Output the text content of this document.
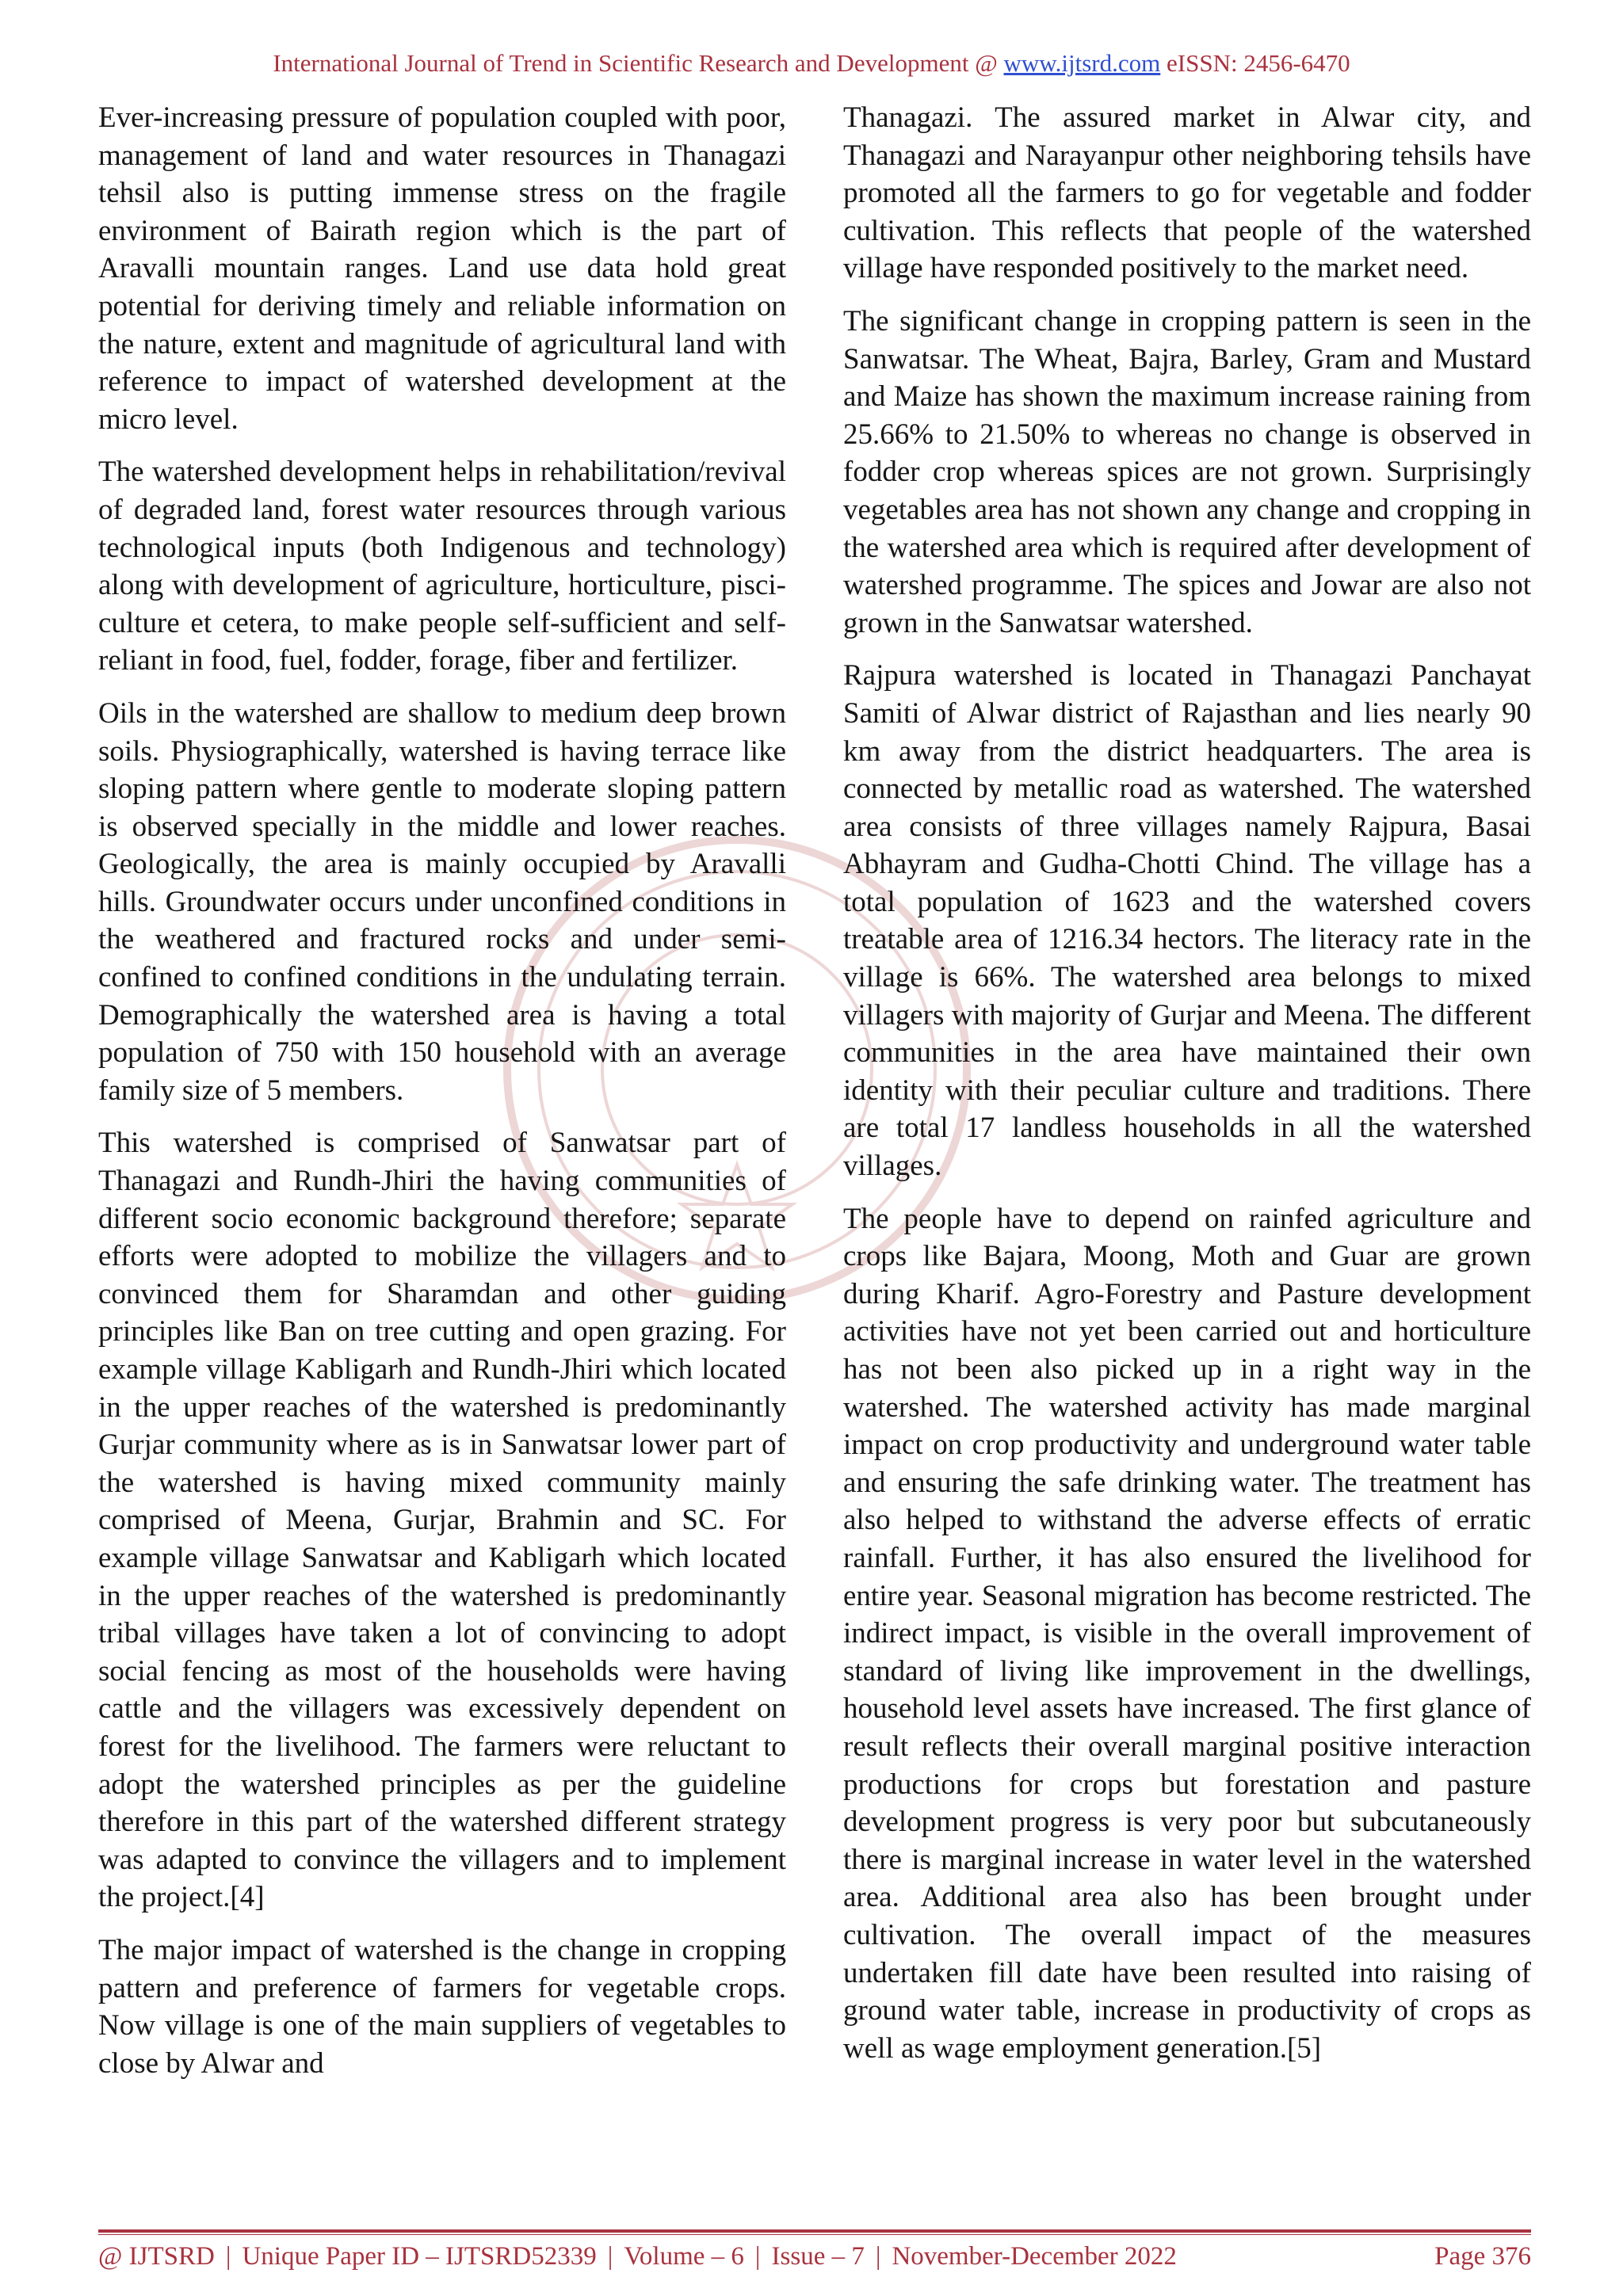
International Journal of Trend in Scientific Research and Development @ www.ijtsrd.com eISSN: 2456-6470

Ever-increasing pressure of population coupled with poor, management of land and water resources in Thanagazi tehsil also is putting immense stress on the fragile environment of Bairath region which is the part of Aravalli mountain ranges. Land use data hold great potential for deriving timely and reliable information on the nature, extent and magnitude of agricultural land with reference to impact of watershed development at the micro level.

The watershed development helps in rehabilitation/revival of degraded land, forest water resources through various technological inputs (both Indigenous and technology) along with development of agriculture, horticulture, pisci-culture et cetera, to make people self-sufficient and self-reliant in food, fuel, fodder, forage, fiber and fertilizer.

Oils in the watershed are shallow to medium deep brown soils. Physiographically, watershed is having terrace like sloping pattern where gentle to moderate sloping pattern is observed specially in the middle and lower reaches. Geologically, the area is mainly occupied by Aravalli hills. Groundwater occurs under unconfined conditions in the weathered and fractured rocks and under semi-confined to confined conditions in the undulating terrain. Demographically the watershed area is having a total population of 750 with 150 household with an average family size of 5 members.

This watershed is comprised of Sanwatsar part of Thanagazi and Rundh-Jhiri the having communities of different socio economic background therefore; separate efforts were adopted to mobilize the villagers and to convinced them for Sharamdan and other guiding principles like Ban on tree cutting and open grazing. For example village Kabligarh and Rundh-Jhiri which located in the upper reaches of the watershed is predominantly Gurjar community where as is in Sanwatsar lower part of the watershed is having mixed community mainly comprised of Meena, Gurjar, Brahmin and SC. For example village Sanwatsar and Kabligarh which located in the upper reaches of the watershed is predominantly tribal villages have taken a lot of convincing to adopt social fencing as most of the households were having cattle and the villagers was excessively dependent on forest for the livelihood. The farmers were reluctant to adopt the watershed principles as per the guideline therefore in this part of the watershed different strategy was adapted to convince the villagers and to implement the project.[4]

The major impact of watershed is the change in cropping pattern and preference of farmers for vegetable crops. Now village is one of the main suppliers of vegetables to close by Alwar and

Thanagazi. The assured market in Alwar city, and Thanagazi and Narayanpur other neighboring tehsils have promoted all the farmers to go for vegetable and fodder cultivation. This reflects that people of the watershed village have responded positively to the market need.

The significant change in cropping pattern is seen in the Sanwatsar. The Wheat, Bajra, Barley, Gram and Mustard and Maize has shown the maximum increase raining from 25.66% to 21.50% to whereas no change is observed in fodder crop whereas spices are not grown. Surprisingly vegetables area has not shown any change and cropping in the watershed area which is required after development of watershed programme. The spices and Jowar are also not grown in the Sanwatsar watershed.

Rajpura watershed is located in Thanagazi Panchayat Samiti of Alwar district of Rajasthan and lies nearly 90 km away from the district headquarters. The area is connected by metallic road as watershed. The watershed area consists of three villages namely Rajpura, Basai Abhayram and Gudha-Chotti Chind. The village has a total population of 1623 and the watershed covers treatable area of 1216.34 hectors. The literacy rate in the village is 66%. The watershed area belongs to mixed villagers with majority of Gurjar and Meena. The different communities in the area have maintained their own identity with their peculiar culture and traditions. There are total 17 landless households in all the watershed villages.

The people have to depend on rainfed agriculture and crops like Bajara, Moong, Moth and Guar are grown during Kharif. Agro-Forestry and Pasture development activities have not yet been carried out and horticulture has not been also picked up in a right way in the watershed. The watershed activity has made marginal impact on crop productivity and underground water table and ensuring the safe drinking water. The treatment has also helped to withstand the adverse effects of erratic rainfall. Further, it has also ensured the livelihood for entire year. Seasonal migration has become restricted. The indirect impact, is visible in the overall improvement of standard of living like improvement in the dwellings, household level assets have increased. The first glance of result reflects their overall marginal positive interaction productions for crops but forestation and pasture development progress is very poor but subcutaneously there is marginal increase in water level in the watershed area. Additional area also has been brought under cultivation. The overall impact of the measures undertaken fill date have been resulted into raising of ground water table, increase in productivity of crops as well as wage employment generation.[5]

@ IJTSRD | Unique Paper ID – IJTSRD52339 | Volume – 6 | Issue – 7 | November-December 2022	Page 376
